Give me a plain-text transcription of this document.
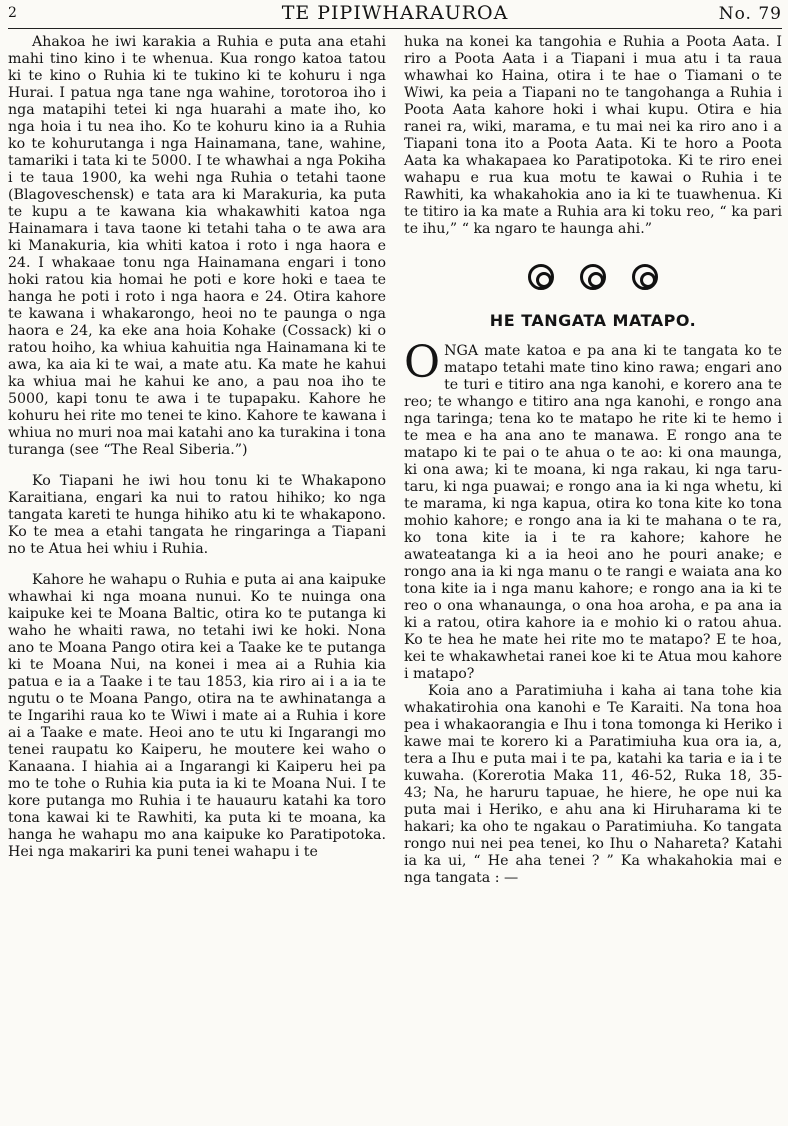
2	TE PIPIWHARAUROA	No. 79

Ahakoa he iwi karakia a Ruhia e puta ana etahi mahi tino kino i te whenua. Kua rongo katoa tatou ki te kino o Ruhia ki te tukino ki te kohuru i nga Hurai. I patua nga tane nga wahine, torotoroa iho i nga matapihi tetei ki nga huarahi a mate iho, ko nga hoia i tu nea iho. Ko te kohuru kino ia a Ruhia ko te kohurutanga i nga Hainamana, tane, wahine, tamariki i tata ki te 5000. I te whawhai a nga Pokiha i te taua 1900, ka wehi nga Ruhia o tetahi taone (Blagoveschensk) e tata ara ki Marakuria, ka puta te kupu a te kawana kia whakawhiti katoa nga Hainamara i tava taone ki tetahi taha o te awa ara ki Manakuria, kia whiti katoa i roto i nga haora e 24. I whakaae tonu nga Hainamana engari i tono hoki ratou kia homai he poti e kore hoki e taea te hanga he poti i roto i nga haora e 24. Otira kahore te kawana i whakarongo, heoi no te paunga o nga haora e 24, ka eke ana hoia Kohake (Cossack) ki o ratou hoiho, ka whiua kahuitia nga Hainamana ki te awa, ka aia ki te wai, a mate atu. Ka mate he kahui ka whiua mai he kahui ke ano, a pau noa iho te 5000, kapi tonu te awa i te tupapaku. Kahore he kohuru hei rite mo tenei te kino. Kahore te kawana i whiua no muri noa mai katahi ano ka turakina i tona turanga (see “The Real Siberia.”)

Ko Tiapani he iwi hou tonu ki te Whakapono Karaitiana, engari ka nui to ratou hihiko; ko nga tangata kareti te hunga hihiko atu ki te whakapono. Ko te mea a etahi tangata he ringaringa a Tiapani no te Atua hei whiu i Ruhia.

Kahore he wahapu o Ruhia e puta ai ana kaipuke whawhai ki nga moana nunui. Ko te nuinga ona kaipuke kei te Moana Baltic, otira ko te putanga ki waho he whaiti rawa, no tetahi iwi ke hoki. Nona ano te Moana Pango otira kei a Taake ke te putanga ki te Moana Nui, na konei i mea ai a Ruhia kia patua e ia a Taake i te tau 1853, kia riro ai i a ia te ngutu o te Moana Pango, otira na te awhinatanga a te Ingarihi raua ko te Wiwi i mate ai a Ruhia i kore ai a Taake e mate. Heoi ano te utu ki Ingarangi mo tenei raupatu ko Kaiperu, he moutere kei waho o Kanaana. I hiahia ai a Ingarangi ki Kaiperu hei pa mo te tohe o Ruhia kia puta ia ki te Moana Nui. I te kore putanga mo Ruhia i te hauauru katahi ka toro tona kawai ki te Rawhiti, ka puta ki te moana, ka hanga he wahapu mo ana kaipuke ko Paratipotoka. Hei nga makariri ka puni tenei wahapu i te

huka na konei ka tangohia e Ruhia a Poota Aata. I riro a Poota Aata i a Tiapani i mua atu i ta raua whawhai ko Haina, otira i te hae o Tiamani o te Wiwi, ka peia a Tiapani no te tangohanga a Ruhia i Poota Aata kahore hoki i whai kupu. Otira e hia ranei ra, wiki, marama, e tu mai nei ka riro ano i a Tiapani tona ito a Poota Aata. Ki te horo a Poota Aata ka whakapaea ko Paratipotoka. Ki te riro enei wahapu e rua kua motu te kawai o Ruhia i te Rawhiti, ka whakahokia ano ia ki te tuawhenua. Ki te titiro ia ka mate a Ruhia ara ki toku reo, “ ka pari te ihu,” “ ka ngaro te haunga ahi.”

HE TANGATA MATAPO.

ONGA mate katoa e pa ana ki te tangata ko te matapo tetahi mate tino kino rawa; engari ano te turi e titiro ana nga kanohi, e korero ana te reo; te whango e titiro ana nga kanohi, e rongo ana nga taringa; tena ko te matapo he rite ki te hemo i te mea e ha ana ano te manawa. E rongo ana te matapo ki te pai o te ahua o te ao: ki ona maunga, ki ona awa; ki te moana, ki nga rakau, ki nga taru-taru, ki nga puawai; e rongo ana ia ki nga whetu, ki te marama, ki nga kapua, otira ko tona kite ko tona mohio kahore; e rongo ana ia ki te mahana o te ra, ko tona kite ia i te ra kahore; kahore he awateatanga ki a ia heoi ano he pouri anake; e rongo ana ia ki nga manu o te rangi e waiata ana ko tona kite ia i nga manu kahore; e rongo ana ia ki te reo o ona whanaunga, o ona hoa aroha, e pa ana ia ki a ratou, otira kahore ia e mohio ki o ratou ahua. Ko te hea he mate hei rite mo te matapo? E te hoa, kei te whakawhetai ranei koe ki te Atua mou kahore i matapo?

Koia ano a Paratimiuha i kaha ai tana tohe kia whakatirohia ona kanohi e Te Karaiti. Na tona hoa pea i whakaorangia e Ihu i tona tomonga ki Heriko i kawe mai te korero ki a Paratimiuha kua ora ia, a, tera a Ihu e puta mai i te pa, katahi ka taria e ia i te kuwaha. (Korerotia Maka 11, 46-52, Ruka 18, 35-43; Na, he haruru tapuae, he hiere, he ope nui ka puta mai i Heriko, e ahu ana ki Hiruharama ki te hakari; ka oho te ngakau o Paratimiuha. Ko tangata rongo nui nei pea tenei, ko Ihu o Nahareta? Katahi ia ka ui, “ He aha tenei ? ” Ka whakahokia mai e nga tangata : —
